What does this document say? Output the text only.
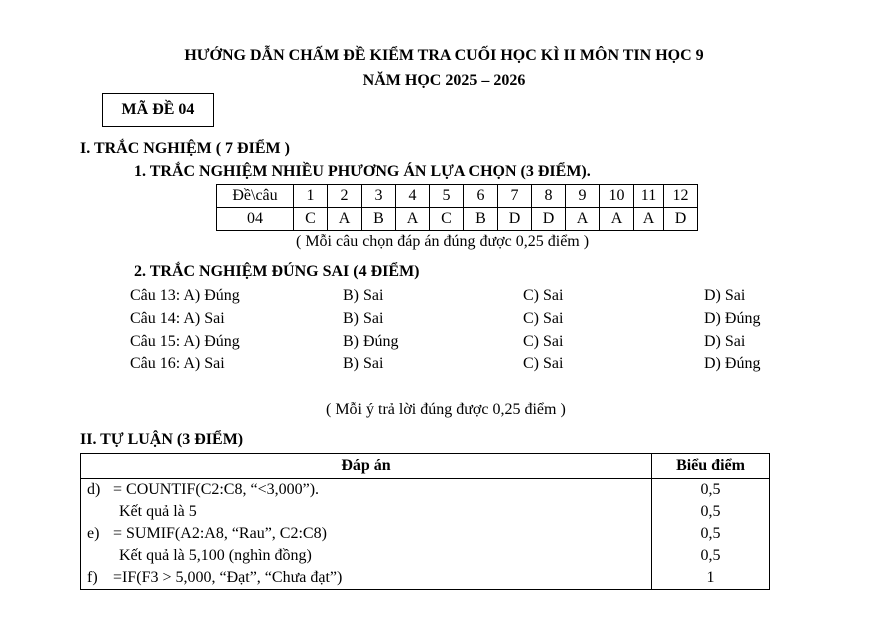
HƯỚNG DẪN CHẤM ĐỀ KIỂM TRA CUỐI HỌC KÌ II MÔN TIN HỌC 9
NĂM HỌC 2025 – 2026
MÃ ĐỀ 04
I. TRẮC NGHIỆM ( 7 ĐIỂM )
1. TRẮC NGHIỆM NHIỀU PHƯƠNG ÁN LỰA CHỌN (3 ĐIỂM).
Đề\câu	1	2	3	4	5	6	7	8	9	10	11	12
04	C	A	B	A	C	B	D	D	A	A	A	D
( Mỗi câu chọn đáp án đúng được 0,25 điểm )
2. TRẮC NGHIỆM ĐÚNG SAI (4 ĐIỂM)
Câu 13: A) Đúng	B) Sai	C) Sai	D) Sai
Câu 14: A) Sai	B) Sai	C) Sai	D) Đúng
Câu 15: A) Đúng	B) Đúng	C) Sai	D) Sai
Câu 16: A) Sai	B) Sai	C) Sai	D) Đúng
( Mỗi ý trả lời đúng được 0,25 điểm )
II. TỰ LUẬN (3 ĐIỂM)
Đáp án	Biểu điểm
d) = COUNTIF(C2:C8, “<3,000”).	0,5
Kết quả là 5	0,5
e) = SUMIF(A2:A8, “Rau”, C2:C8)	0,5
Kết quả là 5,100 (nghìn đồng)	0,5
f) =IF(F3 > 5,000, “Đạt”, “Chưa đạt”)	1
